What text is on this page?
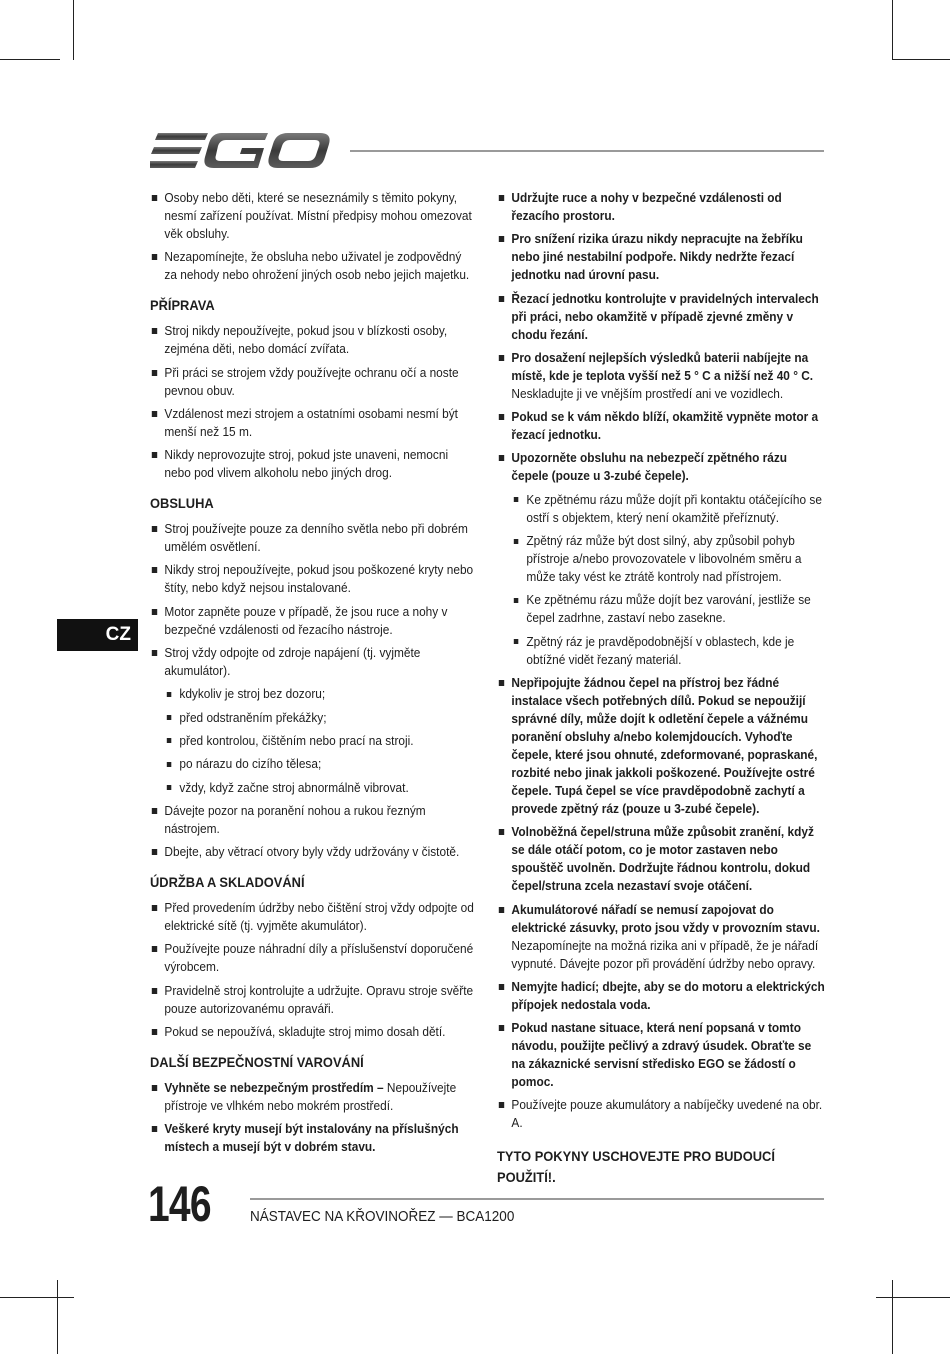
CZ
Osoby nebo děti, které se neseznámily s těmito pokyny, nesmí zařízení používat. Místní předpisy mohou omezovat věk obsluhy.
Nezapomínejte, že obsluha nebo uživatel je zodpovědný za nehody nebo ohrožení jiných osob nebo jejich majetku.
PŘÍPRAVA
Stroj nikdy nepoužívejte, pokud jsou v blízkosti osoby, zejména děti, nebo domácí zvířata.
Při práci se strojem vždy používejte ochranu očí a noste pevnou obuv.
Vzdálenost mezi strojem a ostatními osobami nesmí být menší než 15 m.
Nikdy neprovozujte stroj, pokud jste unaveni, nemocni nebo pod vlivem alkoholu nebo jiných drog.
OBSLUHA
Stroj používejte pouze za denního světla nebo při dobrém umělém osvětlení.
Nikdy stroj nepoužívejte, pokud jsou poškozené kryty nebo štíty, nebo když nejsou instalované.
Motor zapněte pouze v případě, že jsou ruce a nohy v bezpečné vzdálenosti od řezacího nástroje.
Stroj vždy odpojte od zdroje napájení (tj. vyjměte akumulátor).
kdykoliv je stroj bez dozoru;
před odstraněním překážky;
před kontrolou, čištěním nebo prací na stroji.
po nárazu do cizího tělesa;
vždy, když začne stroj abnormálně vibrovat.
Dávejte pozor na poranění nohou a rukou řezným nástrojem.
Dbejte, aby větrací otvory byly vždy udržovány v čistotě.
ÚDRŽBA A SKLADOVÁNÍ
Před provedením údržby nebo čištění stroj vždy odpojte od elektrické sítě (tj. vyjměte akumulátor).
Používejte pouze náhradní díly a příslušenství doporučené výrobcem.
Pravidelně stroj kontrolujte a udržujte. Opravu stroje svěřte pouze autorizovanému opraváři.
Pokud se nepoužívá, skladujte stroj mimo dosah dětí.
DALŠÍ BEZPEČNOSTNÍ VAROVÁNÍ
Vyhněte se nebezpečným prostředím – Nepoužívejte přístroje ve vlhkém nebo mokrém prostředí.
Veškeré kryty musejí být instalovány na příslušných místech a musejí být v dobrém stavu.
Udržujte ruce a nohy v bezpečné vzdálenosti od řezacího prostoru.
Pro snížení rizika úrazu nikdy nepracujte na žebříku nebo jiné nestabilní podpoře. Nikdy nedržte řezací jednotku nad úrovní pasu.
Řezací jednotku kontrolujte v pravidelných intervalech při práci, nebo okamžitě v případě zjevné změny v chodu řezání.
Pro dosažení nejlepších výsledků baterii nabíjejte na místě, kde je teplota vyšší než 5 ° C a nižší než 40 ° C. Neskladujte ji ve vnějším prostředí ani ve vozidlech.
Pokud se k vám někdo blíží, okamžitě vypněte motor a řezací jednotku.
Upozorněte obsluhu na nebezpečí zpětného rázu čepele (pouze u 3-zubé čepele).
Ke zpětnému rázu může dojít při kontaktu otáčejícího se ostří s objektem, který není okamžitě přeříznutý.
Zpětný ráz může být dost silný, aby způsobil pohyb přístroje a/nebo provozovatele v libovolném směru a může taky vést ke ztrátě kontroly nad přístrojem.
Ke zpětnému rázu může dojít bez varování, jestliže se čepel zadrhne, zastaví nebo zasekne.
Zpětný ráz je pravděpodobnější v oblastech, kde je obtížné vidět řezaný materiál.
Nepřipojujte žádnou čepel na přístroj bez řádné instalace všech potřebných dílů. Pokud se nepoužijí správné díly, může dojít k odletění čepele a vážnému poranění obsluhy a/nebo kolemjdoucích. Vyhoďte čepele, které jsou ohnuté, zdeformované, popraskané, rozbité nebo jinak jakkoli poškozené. Používejte ostré čepele. Tupá čepel se více pravděpodobně zachytí a provede zpětný ráz (pouze u 3-zubé čepele).
Volnoběžná čepel/struna může způsobit zranění, když se dále otáčí potom, co je motor zastaven nebo spouštěč uvolněn. Dodržujte řádnou kontrolu, dokud čepel/struna zcela nezastaví svoje otáčení.
Akumulátorové nářadí se nemusí zapojovat do elektrické zásuvky, proto jsou vždy v provozním stavu. Nezapomínejte na možná rizika ani v případě, že je nářadí vypnuté. Dávejte pozor při provádění údržby nebo opravy.
Nemyjte hadicí; dbejte, aby se do motoru a elektrických přípojek nedostala voda.
Pokud nastane situace, která není popsaná v tomto návodu, použijte pečlivý a zdravý úsudek. Obraťte se na zákaznické servisní středisko EGO se žádostí o pomoc.
Používejte pouze akumulátory a nabíječky uvedené na obr. A.
TYTO POKYNY USCHOVEJTE PRO BUDOUCÍ POUŽITÍ!.
146	NÁSTAVEC NA KŘOVINOŘEZ — BCA1200
